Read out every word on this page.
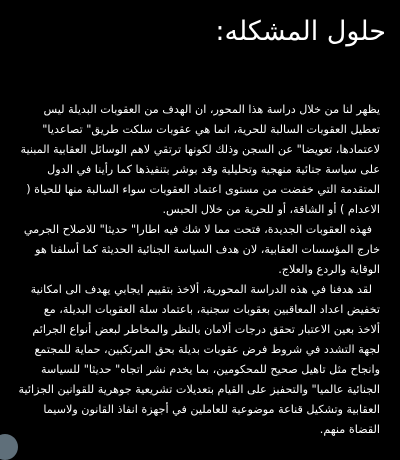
حلول المشكله:

يظهر لنا من خلال دراسة هذا المحور، ان الهدف من العقوبات البديلة ليس تعطيل العقوبات السالبة للحرية، انما هي عقوبات سلكت طريق" تصاعديا" لاعتمادها، تعويضا" عن السجن وذلك لكونها ترتقي لاهم الوسائل العقابية المبنية على سياسة جنائية منهجية وتحليلية وقد بوشر بتنفيذها كما رأينا في الدول المتقدمة التي خفضت من مستوى اعتماد العقوبات سواء السالبة منها للحياة ( الاعدام ) أو الشاقة، أو للحرية من خلال الحبس.

فهذه العقوبات الجديدة، فتحت مما لا شك فيه اطارا" حديثا" للاصلاح الجرمي خارج المؤسسات العقابية، لان هدف السياسة الجنائية الحديثة كما أسلفنا هو الوقاية والردع والعلاج.

لقد هدفنا في هذه الدراسة المحورية، ألاخذ بتقييم ايجابي يهدف الى امكانية تخفيض اعداد المعاقبين بعقوبات سجنية، باعتماد سلة العقوبات البديلة، مع ألاخذ بعين الاعتبار تحقق درجات ألامان بالنظر والمخاطر لبعض أنواع الجرائم لجهة التشدد في شروط فرض عقوبات بديلة بحق المرتكبين، حماية للمجتمع وانجاح مثل تاهيل صحيح للمحكومين، بما يخدم نشر اتجاه" حديثا" للسياسة الجنائية عالميا" والتحفيز على القيام بتعديلات تشريعية جوهرية للقوانين الجزائية العقابية وتشكيل قناعة موضوعية للعاملين في أجهزة انفاذ القانون ولاسيما القضاة منهم.
